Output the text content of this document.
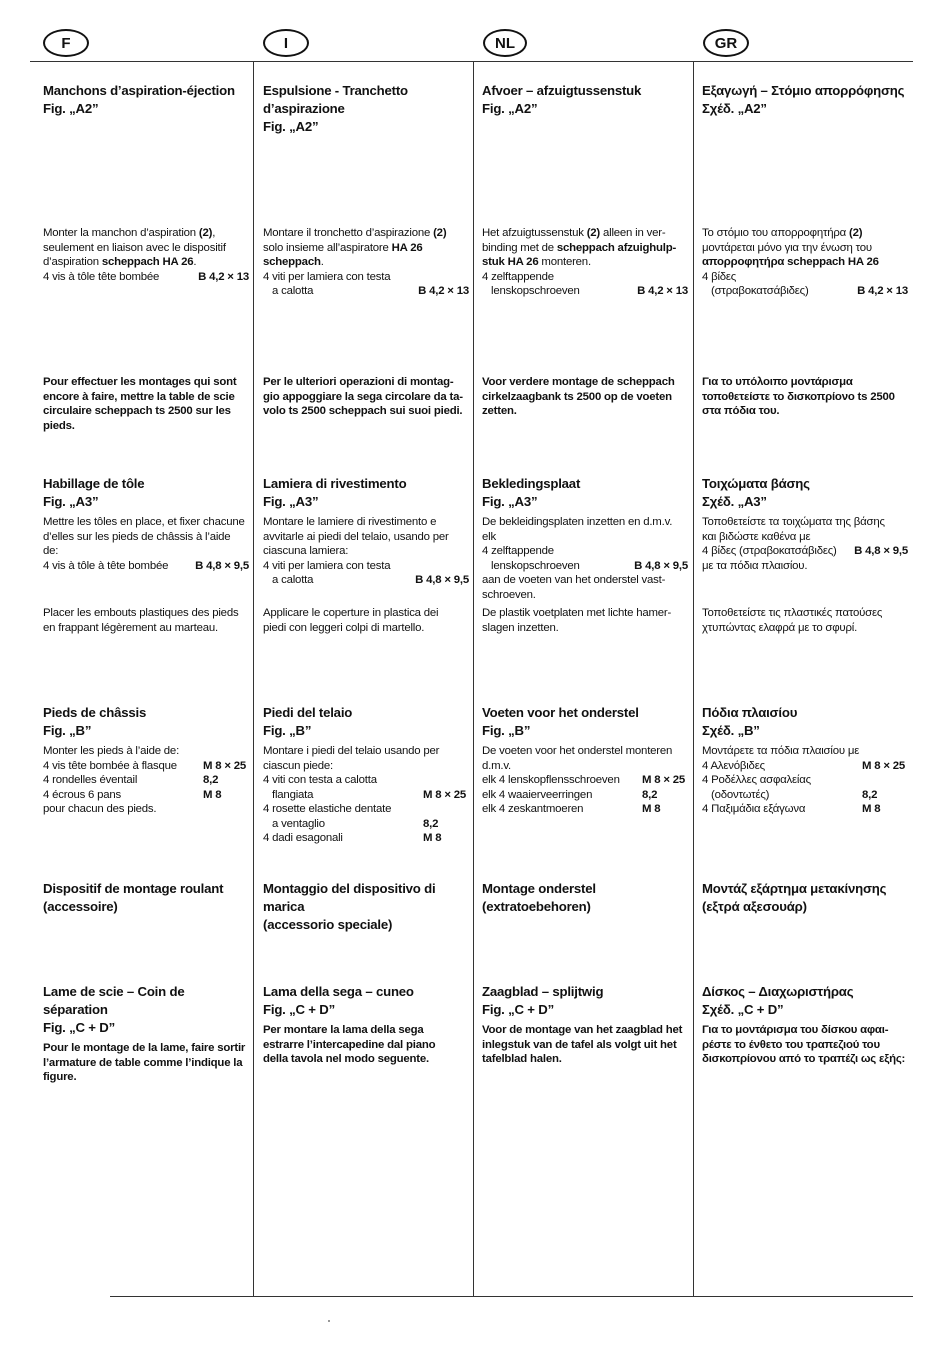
F	I	NL	GR
Manchons d’aspiration-éjection
Fig. „A2”
Monter la manchon d’aspiration (2),
seulement en liaison avec le dispositif
d’aspiration scheppach HA 26.
4 vis à tôle tête bombée	B 4,2 × 13
Pour effectuer les montages qui sont
encore à faire, mettre la table de scie
circulaire scheppach ts 2500 sur les
pieds.
Habillage de tôle
Fig. „A3”
Mettre les tôles en place, et fixer chacune
d’elles sur les pieds de châssis à l’aide
de:
4 vis à tôle à tête bombée B 4,8 × 9,5
Placer les embouts plastiques des pieds
en frappant légèrement au marteau.
Pieds de châssis
Fig. „B”
Monter les pieds à l’aide de:
4 vis tête bombée à flasque M 8 × 25
4 rondelles éventail	8,2
4 écrous 6 pans	M 8
pour chacun des pieds.
Dispositif de montage roulant
(accessoire)
Lame de scie – Coin de séparation
Fig. „C + D”
Pour le montage de la lame, faire sortir
l’armature de table comme l’indique la
figure.
Espulsione - Tranchetto d’aspirazione
Fig. „A2”
Montare il tronchetto d’aspirazione (2)
solo insieme all’aspiratore HA 26
scheppach.
4 viti per lamiera con testa
a calotta	B 4,2 × 13
Per le ulteriori operazioni di montag-
gio appoggiare la sega circolare da ta-
volo ts 2500 scheppach sui suoi piedi.
Lamiera di rivestimento
Fig. „A3”
Montare le lamiere di rivestimento e
avvitarle ai piedi del telaio, usando per
ciascuna lamiera:
4 viti per lamiera con testa
a calotta	B 4,8 × 9,5
Applicare le coperture in plastica dei
piedi con leggeri colpi di martello.
Piedi del telaio
Fig. „B”
Montare i piedi del telaio usando per
ciascun piede:
4 viti con testa a calotta
flangiata	M 8 × 25
4 rosette elastiche dentate
a ventaglio	8,2
4 dadi esagonali	M 8
Montaggio del dispositivo di
marica
(accessorio speciale)
Lama della sega – cuneo
Fig. „C + D”
Per montare la lama della sega
estrarre l’intercapedine dal piano
della tavola nel modo seguente.
Afvoer – afzuigtussenstuk
Fig. „A2”
Het afzuigtussenstuk (2) alleen in ver-
binding met de scheppach afzuighulp-
stuk HA 26 monteren.
4 zelftappende
lenskopschroeven	B 4,2 × 13
Voor verdere montage de scheppach
cirkelzaagbank ts 2500 op de voeten
zetten.
Bekledingsplaat
Fig. „A3”
De bekleidingsplaten inzetten en d.m.v. elk
4 zelftappende
lenskopschroeven	B 4,8 × 9,5
aan de voeten van het onderstel vast-
schroeven.
De plastik voetplaten met lichte hamer-
slagen inzetten.
Voeten voor het onderstel
Fig. „B”
De voeten voor het onderstel monteren
d.m.v.
elk 4 lenskopflensschroeven M 8 × 25
elk 4 waaierveerringen	8,2
elk 4 zeskantmoeren	M 8
Montage onderstel
(extratoebehoren)
Zaagblad – splijtwig
Fig. „C + D”
Voor de montage van het zaagblad het
inlegstuk van de tafel als volgt uit het
tafelblad halen.
Εξαγωγή – Στόμιο απορρόφησης
Σχέδ. „A2”
Το στόμιο του απορροφητήρα (2)
μοντάρεται μόνο για την ένωση του
απορροφητήρα scheppach HA 26
4 βίδες
(στραβοκατσάβιδες)	B 4,2 × 13
Για το υπόλοιπο μοντάρισμα
τοποθετείστε το δισκοπρίονο ts 2500
στα πόδια του.
Τοιχώματα βάσης
Σχέδ. „A3”
Τοποθετείστε τα τοιχώματα της βάσης
και βιδώστε καθένα με
4 βίδες (στραβοκατσάβιδες) B 4,8 × 9,5
με τα πόδια πλαισίου.
Τοποθετείστε τις πλαστικές πατούσες
χτυπώντας ελαφρά με το σφυρί.
Πόδια πλαισίου
Σχέδ. „B”
Μοντάρετε τα πόδια πλαισίου με
4 Αλενόβιδες	M 8 × 25
4 Ροδέλλες ασφαλείας
(οδοντωτές)	8,2
4 Παξιμάδια εξάγωνα	M 8
Μοντάζ εξάρτημα μετακίνησης
(εξτρά αξεσουάρ)
Δίσκος – Διαχωριστήρας
Σχέδ. „C + D”
Για το μοντάρισμα του δίσκου αφαι-
ρέστε το ένθετο του τραπεζιού του
δισκοπρίονου από το τραπέζι ως εξής:
